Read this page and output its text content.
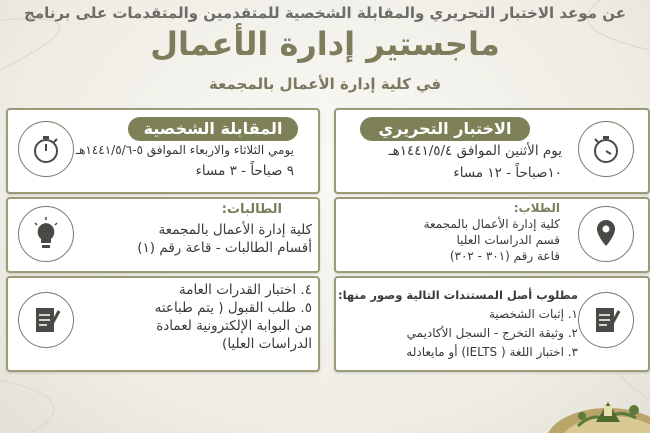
عن موعد الاختبار التحريري والمقابلة الشخصية للمتقدمين والمتقدمات على برنامج
ماجستير إدارة الأعمال
في كلية إدارة الأعمال بالمجمعة
المقابلة الشخصية
يومي الثلاثاء والاربعاء الموافق ٥-١٤٤١/٥/٦هـ
٩ صباحاً - ٣ مساء
الاختبار التحريري
يوم الأثنين الموافق ١٤٤١/٥/٤هـ
١٠صباحاً - ١٢ مساء
الطالبات:
كلية إدارة الأعمال بالمجمعة
أقسام الطالبات - قاعة رقم (١)
الطلاب:
كلية إدارة الأعمال بالمجمعة
قسم الدراسات العليا
قاعة رقم (٣٠١ - ٣٠٢)
٤. اختبار القدرات العامة
٥. طلب القبول ( يتم طباعته
من البوابة الإلكترونية لعمادة
الدراسات العليا)
مطلوب أصل المستندات التالية وصور منها:
١. إثبات الشخصية
٢. وثيقة التخرج - السجل الأكاديمي
٣. اختبار اللغة ( IELTS) أو مايعادله
